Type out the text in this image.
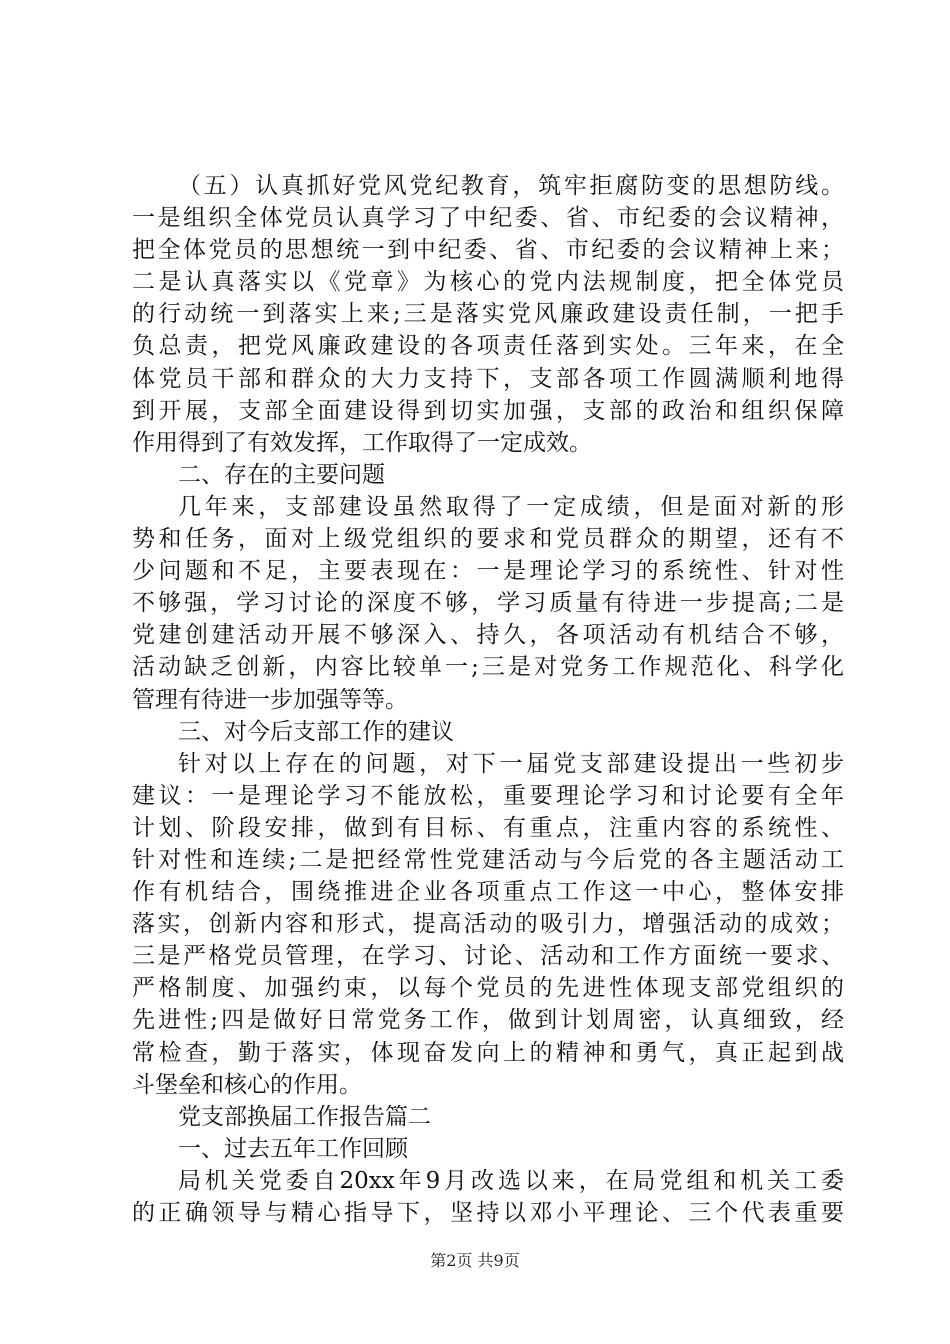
（五）认真抓好党风党纪教育，筑牢拒腐防变的思想防线。
一是组织全体党员认真学习了中纪委、省、市纪委的会议精神，
把全体党员的思想统一到中纪委、省、市纪委的会议精神上来；
二是认真落实以《党章》为核心的党内法规制度，把全体党员
的行动统一到落实上来;三是落实党风廉政建设责任制，一把手
负总责，把党风廉政建设的各项责任落到实处。三年来，在全
体党员干部和群众的大力支持下，支部各项工作圆满顺利地得
到开展，支部全面建设得到切实加强，支部的政治和组织保障
作用得到了有效发挥，工作取得了一定成效。
二、存在的主要问题
几年来，支部建设虽然取得了一定成绩，但是面对新的形
势和任务，面对上级党组织的要求和党员群众的期望，还有不
少问题和不足，主要表现在：一是理论学习的系统性、针对性
不够强，学习讨论的深度不够，学习质量有待进一步提高;二是
党建创建活动开展不够深入、持久，各项活动有机结合不够，
活动缺乏创新，内容比较单一;三是对党务工作规范化、科学化
管理有待进一步加强等等。
三、对今后支部工作的建议
针对以上存在的问题，对下一届党支部建设提出一些初步
建议：一是理论学习不能放松，重要理论学习和讨论要有全年
计划、阶段安排，做到有目标、有重点，注重内容的系统性、
针对性和连续;二是把经常性党建活动与今后党的各主题活动工
作有机结合，围绕推进企业各项重点工作这一中心，整体安排
落实，创新内容和形式，提高活动的吸引力，增强活动的成效；
三是严格党员管理，在学习、讨论、活动和工作方面统一要求、
严格制度、加强约束，以每个党员的先进性体现支部党组织的
先进性;四是做好日常党务工作，做到计划周密，认真细致，经
常检查，勤于落实，体现奋发向上的精神和勇气，真正起到战
斗堡垒和核心的作用。
党支部换届工作报告篇二
一、过去五年工作回顾
局机关党委自20xx年9月改选以来，在局党组和机关工委
的正确领导与精心指导下，坚持以邓小平理论、三个代表重要
第2页 共9页
